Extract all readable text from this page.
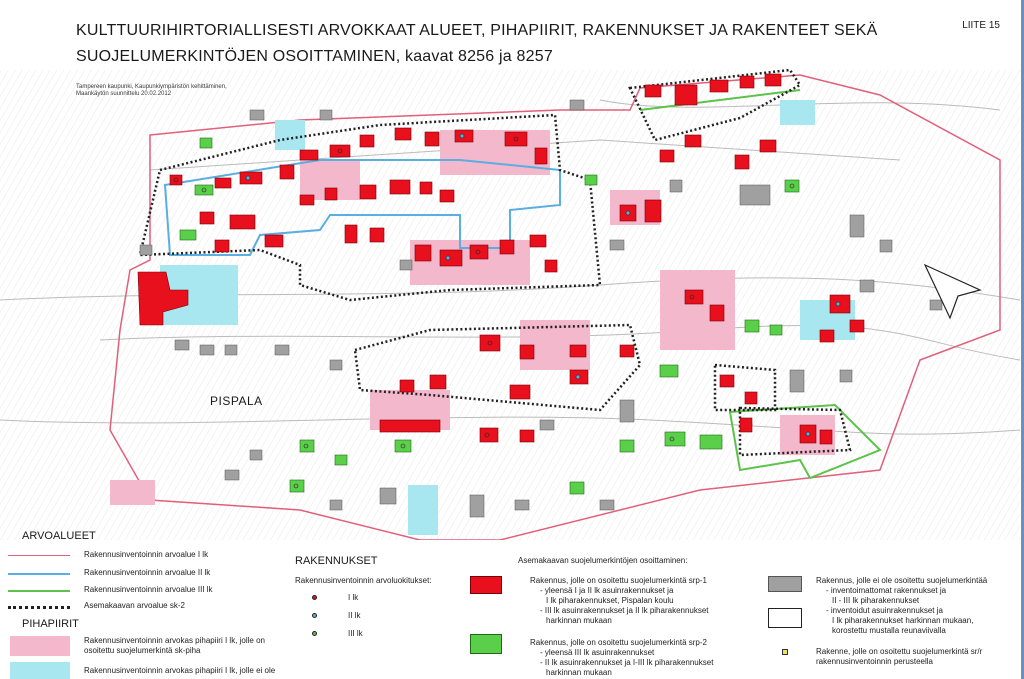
KULTTUURIHIRTORIALLISESTI ARVOKKAAT ALUEET, PIHAPIIRIT, RAKENNUKSET JA RAKENTEET SEKÄ
SUOJELUMERKINTÖJEN OSOITTAMINEN, kaavat 8256 ja 8257
LIITE 15
PISPALA
ARVOALUEET
Rakennusinventoinnin arvoalue I lk
Rakennusinventoinnin arvoalue II lk
Rakennusinventoinnin arvoalue III lk
Asemakaavan arvoalue sk-2
PIHAPIIRIT
Rakennusinventoinnin arvokas pihapiiri I lk, jolle on
osoitettu suojelumerkintä sk-piha
Rakennusinventoinnin arvokas pihapiiri I lk, jolle ei ole
RAKENNUKSET
Rakennusinventoinnin arvoluokitukset:
I lk
II lk
III lk
Asemakaavan suojelumerkintöjen osoittaminen:
Rakennus, jolle on osoitettu suojelumerkintä srp-1
- yleensä I ja II lk asuinrakennukset ja
I lk piharakennukset, Pispalan koulu
- III lk asuinrakennukset ja II lk piharakennukset
harkinnan mukaan
Rakennus, jolle on osoitettu suojelumerkintä srp-2
- yleensä III lk asuinrakennukset
- II lk asuinrakennukset ja I-III lk piharakennukset
harkinnan mukaan
Rakennus, jolle ei ole osoitettu suojelumerkintää
- inventoimattomat rakennukset ja
II - III lk piharakennukset
- inventoidut asuinrakennukset ja
I lk piharakennukset harkinnan mukaan,
korostettu mustalla reunaviivalla
Rakenne, jolle on osoitettu suojelumerkintä sr/r
rakennusinventoinnin perusteella
